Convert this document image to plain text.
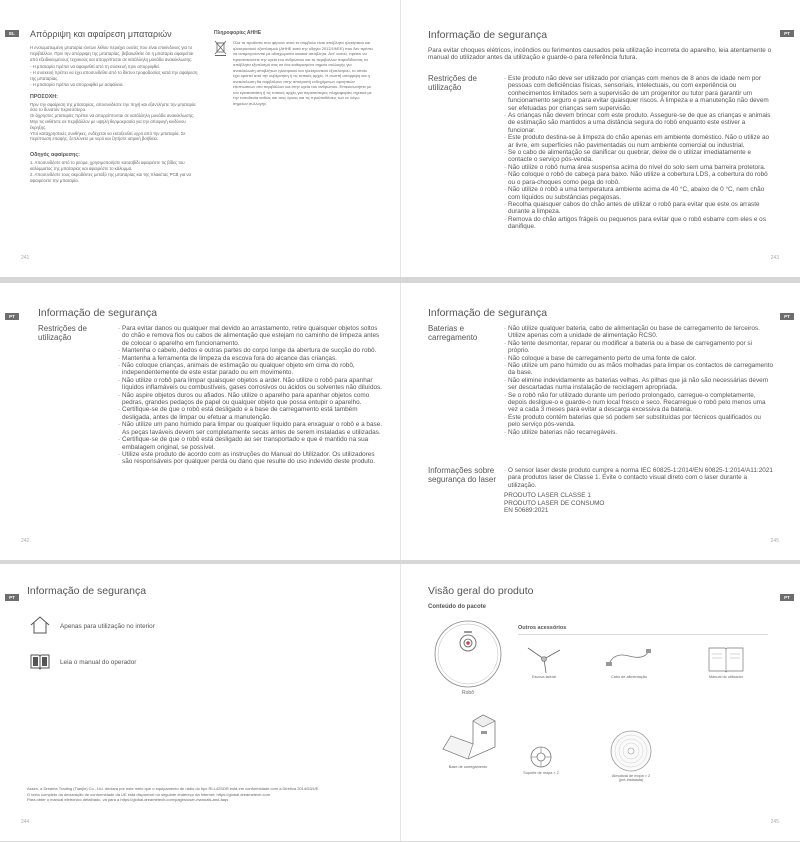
EL	Απόρριψη και αφαίρεση μπαταριών

Η ενσωματωμένη μπαταρία ιόντων λιθίου περιέχει ουσίες που είναι επικίνδυνες για το περιβάλλον. Πριν την απόρριψη της μπαταρίας, βεβαιωθείτε ότι η μπαταρία αφαιρείται από εξειδικευμένους τεχνικούς και απορρίπτεται σε κατάλληλη μονάδα ανακύκλωσης.

- Η μπαταρία πρέπει να αφαιρεθεί από τη συσκευή πριν απορριφθεί.
- Η συσκευή πρέπει να έχει αποσυνδεθεί από το δίκτυο τροφοδοσίας κατά την αφαίρεση της μπαταρίας.
- Η μπαταρία πρέπει να απορριφθεί με ασφάλεια.
ΠΡΟΣΟΧΗ:
Πριν την αφαίρεση της μπαταρίας, αποσυνδέστε την πηγή και εξαντλήστε την μπαταρία όσο το δυνατόν περισσότερο.
Οι άχρηστες μπαταρίες πρέπει να απορρίπτονται σε κατάλληλη μονάδα ανακύκλωσης.
Μην τις εκθέτετε σε περιβάλλον με υψηλή θερμοκρασία για την αποφυγή κινδύνου έκρηξης.
Υπό καταχρηστικές συνθήκες, ενδέχεται να εκτοξευθεί υγρό από την μπαταρία. Σε περίπτωση επαφής, ξεπλύνετε με νερό και ζητήστε ιατρική βοήθεια.
Οδηγός αφαίρεσης:
1. Αποσυνδέστε από το ρεύμα, χρησιμοποιήστε κατσαβίδι αφαιρέστε τις βίδες του καλύμματος της μπαταρίας και αφαιρέστε το κάλυμμα.
2. Αποσυνδέστε τους ακροδέκτες μεταξύ της μπαταρίας και της πλακέτας PCB για να αφαιρέσετε την μπαταρία.
Πληροφορίες ΑΗΗΕ

Όλα τα προϊόντα που φέρουν αυτό το σύμβολο είναι απόβλητα ηλεκτρικού και ηλεκτρονικού εξοπλισμού (ΑΗΗΕ κατά την οδηγία 2012/19/ΕΕ) που δεν πρέπει να αναμειγνύονται με αδιαχώριστα οικιακά απόβλητα. Αντ' αυτού, πρέπει να προστατεύσετε την υγεία του ανθρώπου και το περιβάλλον παραδίδοντας τα απόβλητα εξοπλισμό σας σε ένα καθορισμένο σημείο συλλογής για ανακύκλωση αποβλήτων ηλεκτρικού και ηλεκτρονικού εξοπλισμού, το οποίο έχει οριστεί από την κυβέρνηση ή τις τοπικές αρχές. Η σωστή απόρριψη και η ανακύκλωση θα συμβάλουν στην αποτροπή ενδεχόμενων αρνητικών επιπτώσεων στο περιβάλλον και στην υγεία του ανθρώπου. Επικοινωνήστε με τον εγκαταστάτη ή τις τοπικές αρχές για περισσότερες πληροφορίες σχετικά με την τοποθεσία καθώς και τους όρους και τις προϋποθέσεις των εν λόγω σημείων συλλογής.

241
PT
Informação de segurança

Para evitar choques elétricos, incêndios ou ferimentos causados pela utilização incorreta do aparelho, leia atentamente o manual do utilizador antes da utilização e guarde-o para referência futura.

Restrições de utilização
· Este produto não deve ser utilizado por crianças com menos de 8 anos de idade nem por pessoas com deficiências físicas, sensoriais, intelectuais, ou com experiência ou conhecimentos limitados sem a supervisão de um progenitor ou tutor para garantir um funcionamento seguro e para evitar quaisquer riscos. A limpeza e a manutenção não devem ser efetuadas por crianças sem supervisão.
· As crianças não devem brincar com este produto. Assegure-se de que as crianças e animais de estimação são mantidos a uma distância segura do robô enquanto este estiver a funcionar.
· Este produto destina-se à limpeza do chão apenas em ambiente doméstico. Não o utilize ao ar livre, em superfícies não pavimentadas ou num ambiente comercial ou industrial.
· Se o cabo de alimentação se danificar ou quebrar, deixe de o utilizar imediatamente e contacte o serviço pós-venda.
· Não utilize o robô numa área suspensa acima do nível do solo sem uma barreira protetora.
· Não coloque o robô de cabeça para baixo. Não utilize a cobertura LDS, a cobertura do robô ou o para-choques como pega do robô.
· Não utilize o robô a uma temperatura ambiente acima de 40 °C, abaixo de 0 °C, nem chão com líquidos ou substâncias pegajosas.
· Recolha quaisquer cabos do chão antes de utilizar o robô para evitar que este os arraste durante a limpeza.
· Remova do chão artigos frágeis ou pequenos para evitar que o robô esbarre com eles e os danifique.
243
PT	Informação de segurança
Restrições de utilização
· Para evitar danos ou qualquer mal devido ao arrastamento, retire quaisquer objetos soltos do chão e remova fios ou cabos de alimentação que estejam no caminho de limpeza antes de colocar o aparelho em funcionamento.
· Mantenha o cabelo, dedos e outras partes do corpo longe da abertura de sucção do robô.
· Mantenha a ferramenta de limpeza da escova fora do alcance das crianças.
· Não coloque crianças, animais de estimação ou qualquer objeto em cima do robô, independentemente de este estar parado ou em movimento.
· Não utilize o robô para limpar quaisquer objetos a arder. Não utilize o robô para apanhar líquidos inflamáveis ou combustíveis, gases corrosivos ou ácidos ou solventes não diluídos.
· Não aspire objetos duros ou afiados. Não utilize o aparelho para apanhar objetos como pedras, grandes pedaços de papel ou qualquer objeto que possa entupir o aparelho.
· Certifique-se de que o robô está desligado e a base de carregamento está também desligada, antes de limpar ou efetuar a manutenção.
· Não utilize um pano húmido para limpar ou qualquer líquido para enxaguar o robô e a base. As peças laváveis devem ser completamente secas antes de serem instaladas e utilizadas.
· Certifique-se de que o robô está desligado ao ser transportado e que é mantido na sua embalagem original, se possível.
· Utilize este produto de acordo com as instruções do Manual do Utilizador. Os utilizadores são responsáveis por qualquer perda ou dano que resulte do uso indevido deste produto.
242
PT
Informação de segurança
Baterias e carregamento
· Não utilize qualquer bateria, cabo de alimentação ou base de carregamento de terceiros. Utilize apenas com a unidade de alimentação RCS0.
· Não tente desmontar, reparar ou modificar a bateria ou a base de carregamento por si próprio.
· Não coloque a base de carregamento perto de uma fonte de calor.
· Não utilize um pano húmido ou as mãos molhadas para limpar os contactos de carregamento da base.
· Não elimine indevidamente as baterias velhas. As pilhas que já não são necessárias devem ser descartadas numa instalação de reciclagem apropriada.
· Se o robô não for utilizado durante um período prolongado, carregue-o completamente, depois desligue-o e guarde-o num local fresco e seco. Recarregue o robô pelo menos uma vez a cada 3 meses para evitar a descarga excessiva da bateria.
· Este produto contém baterias que só podem ser substituídas por técnicos qualificados ou pelo serviço pós-venda.
· Não utilize baterias não recarregáveis.
Informações sobre segurança do laser
· O sensor laser deste produto cumpre a norma IEC 60825-1:2014/EN 60825-1:2014/A11:2021 para produtos laser de Classe 1. Evite o contacto visual direto com o laser durante a utilização.
PRODUTO LASER CLASSE 1
PRODUTO LASER DE CONSUMO
EN 50689:2021
245
PT
Informação de segurança
Apenas para utilização no interior
Leia o manual do operador
Assim, a Dreame Trading (Tianjin) Co., Ltd. declara por este meio que o equipamento de rádio do tipo RLL42SDR está em conformidade com a Diretiva 2014/53/UE.
O texto completo da declaração de conformidade da UE está disponível no seguinte endereço da Internet: https://global.dreametech.com
Para obter o manual eletrónico detalhado, vá para a https://global.dreametech.com/pages/user-manuals-and-faqs
244
PT
Visão geral do produto
Conteúdo do pacote
Robô
Outros acessórios
Escova lateral	Cabo de alimentação	Manual do utilizador
Base de carregamento
Suporte de mopa × 2
Almofada de mopa × 2
(pré-instalada)
245
